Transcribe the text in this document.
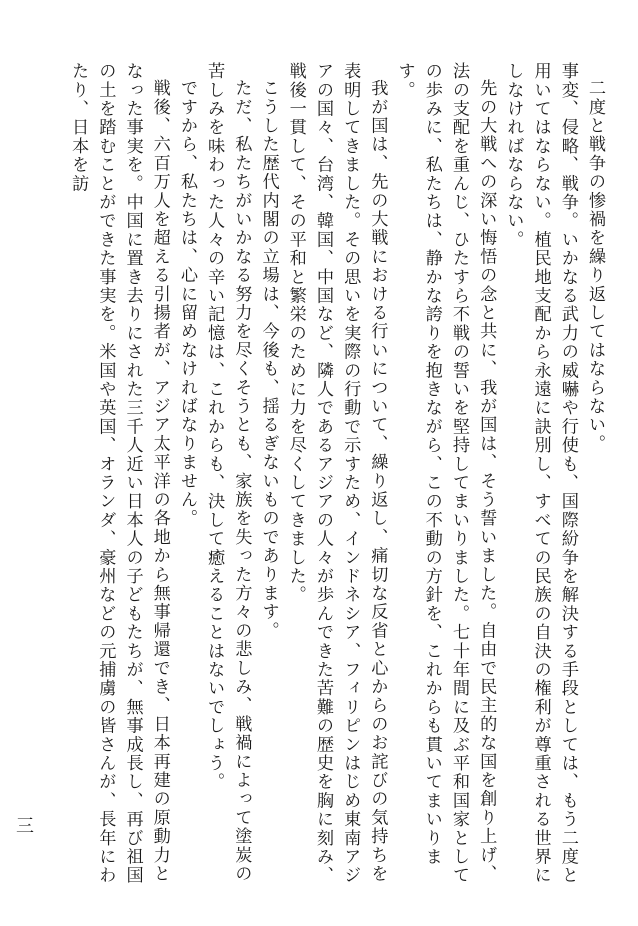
二度と戦争の惨禍を繰り返してはならない。

事変、侵略、戦争。いかなる武力の威嚇や行使も、国際紛争を解決する手段としては、もう二度と用いてはならない。植民地支配から永遠に訣別し、すべての民族の自決の権利が尊重される世界にしなければならない。

先の大戦への深い悔悟の念と共に、我が国は、そう誓いました。自由で民主的な国を創り上げ、法の支配を重んじ、ひたすら不戦の誓いを堅持してまいりました。七十年間に及ぶ平和国家としての歩みに、私たちは、静かな誇りを抱きながら、この不動の方針を、これからも貫いてまいります。

我が国は、先の大戦における行いについて、繰り返し、痛切な反省と心からのお詫びの気持ちを表明してきました。その思いを実際の行動で示すため、インドネシア、フィリピンはじめ東南アジアの国々、台湾、韓国、中国など、隣人であるアジアの人々が歩んできた苦難の歴史を胸に刻み、戦後一貫して、その平和と繁栄のために力を尽くしてきました。

こうした歴代内閣の立場は、今後も、揺るぎないものであります。

ただ、私たちがいかなる努力を尽くそうとも、家族を失った方々の悲しみ、戦禍によって塗炭の苦しみを味わった人々の辛い記憶は、これからも、決して癒えることはないでしょう。

ですから、私たちは、心に留めなければなりません。

戦後、六百万人を超える引揚者が、アジア太平洋の各地から無事帰還でき、日本再建の原動力となった事実を。中国に置き去りにされた三千人近い日本人の子どもたちが、無事成長し、再び祖国の土を踏むことができた事実を。米国や英国、オランダ、豪州などの元捕虜の皆さんが、長年にわたり、日本を訪

三
